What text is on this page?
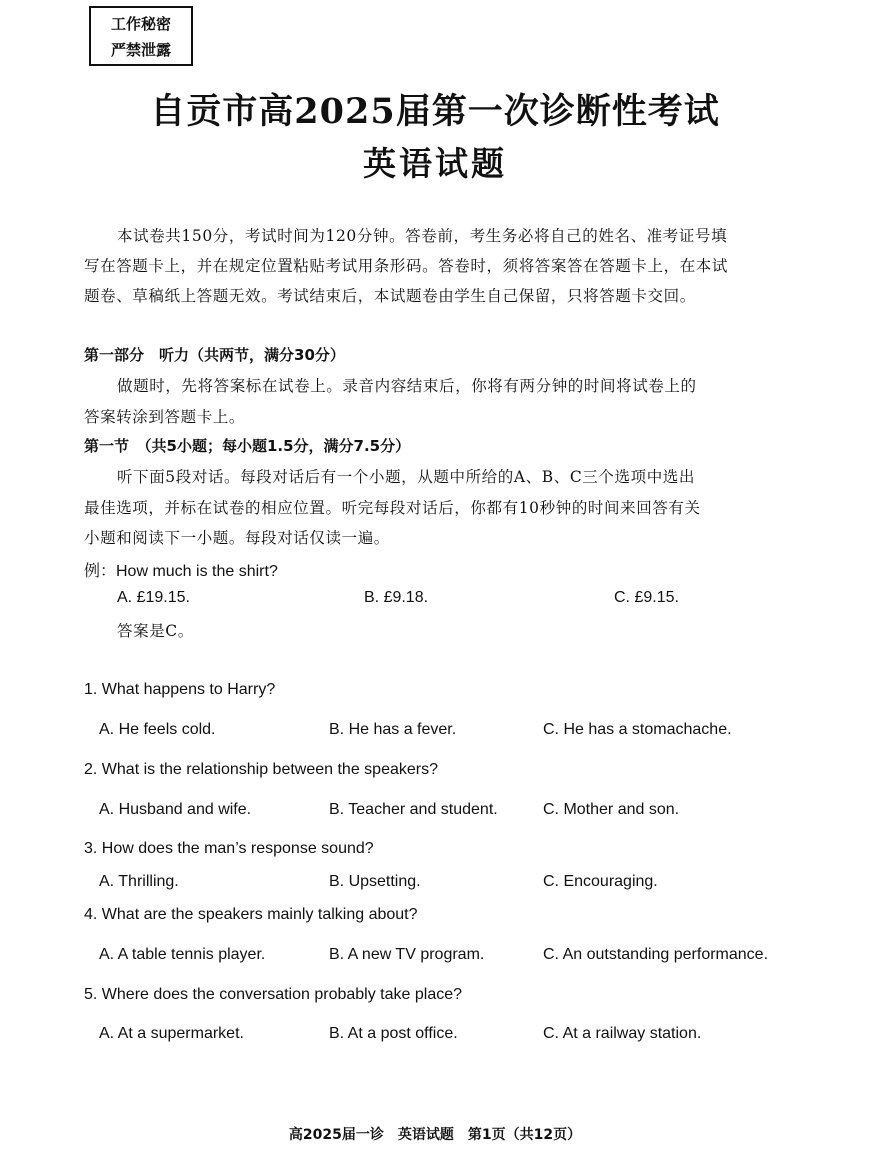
工作秘密
严禁泄露
自贡市高2025届第一次诊断性考试
英语试题
本试卷共150分，考试时间为120分钟。答卷前，考生务必将自己的姓名、准考证号填
写在答题卡上，并在规定位置粘贴考试用条形码。答卷时，须将答案答在答题卡上，在本试
题卷、草稿纸上答题无效。考试结束后，本试题卷由学生自己保留，只将答题卡交回。
第一部分　听力（共两节，满分30分）
做题时，先将答案标在试卷上。录音内容结束后，你将有两分钟的时间将试卷上的
答案转涂到答题卡上。
第一节　（共5小题；每小题1.5分，满分7.5分）
听下面5段对话。每段对话后有一个小题，从题中所给的A、B、C三个选项中选出
最佳选项，并标在试卷的相应位置。听完每段对话后，你都有10秒钟的时间来回答有关
小题和阅读下一小题。每段对话仅读一遍。
例：How much is the shirt?
A. £19.15.	B. £9.18.	C. £9.15.
答案是C。
1. What happens to Harry?
A. He feels cold.	B. He has a fever.	C. He has a stomachache.
2. What is the relationship between the speakers?
A. Husband and wife.	B. Teacher and student.	C. Mother and son.
3. How does the man’s response sound?
A. Thrilling.	B. Upsetting.	C. Encouraging.
4. What are the speakers mainly talking about?
A. A table tennis player.	B. A new TV program.	C. An outstanding performance.
5. Where does the conversation probably take place?
A. At a supermarket.	B. At a post office.	C. At a railway station.
高2025届一诊　英语试题　第1页（共12页）
